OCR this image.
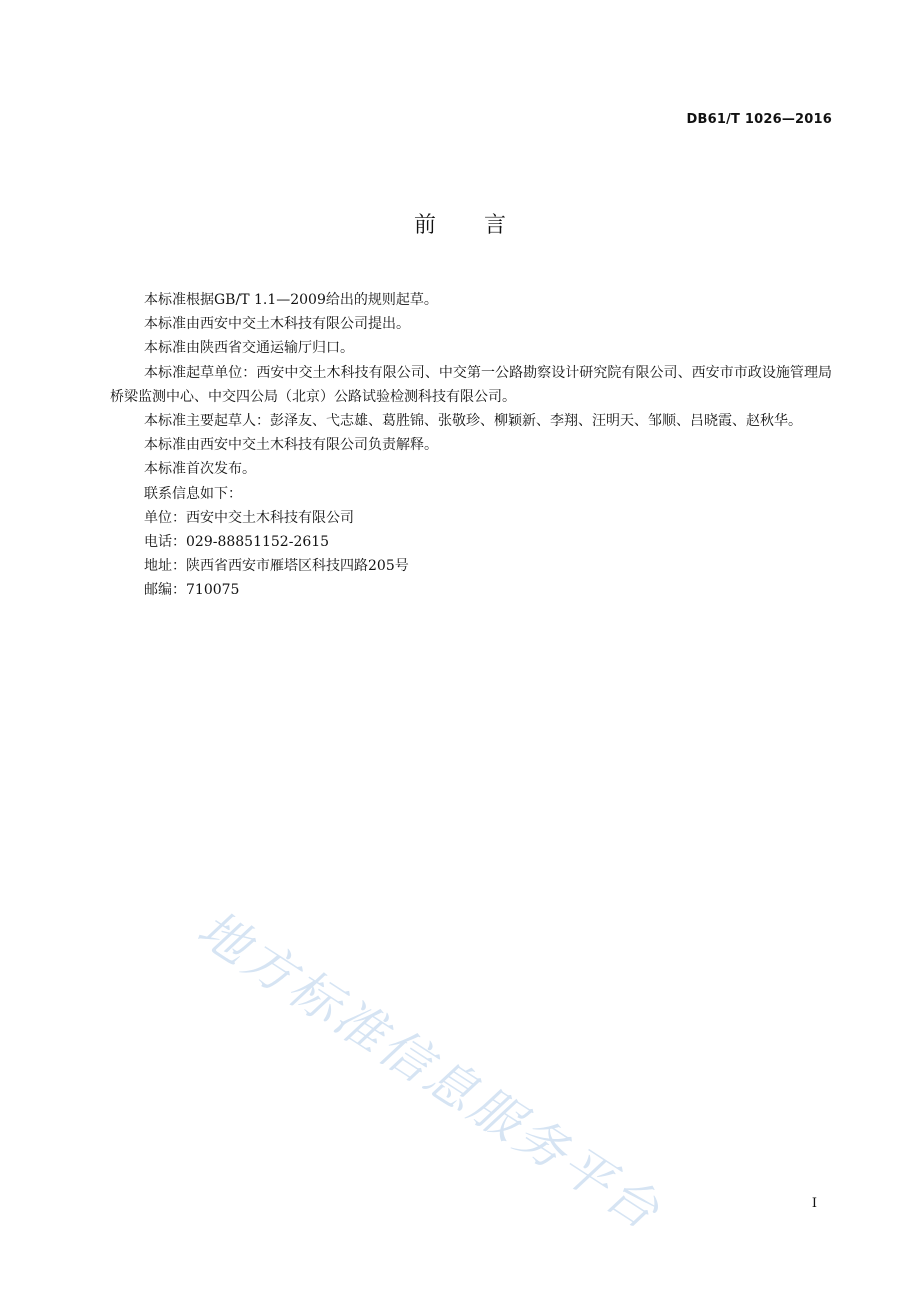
DB61/T 1026—2016
前言

本标准根据GB/T 1.1—2009给出的规则起草。

本标准由西安中交土木科技有限公司提出。

本标准由陕西省交通运输厅归口。

本标准起草单位：西安中交土木科技有限公司、中交第一公路勘察设计研究院有限公司、西安市市政设施管理局桥梁监测中心、中交四公局（北京）公路试验检测科技有限公司。

本标准主要起草人：彭泽友、弋志雄、葛胜锦、张敬珍、柳颖新、李翔、汪明天、邹顺、吕晓霞、赵秋华。

本标准由西安中交土木科技有限公司负责解释。

本标准首次发布。

联系信息如下：

单位：西安中交土木科技有限公司

电话：029-88851152-2615

地址：陕西省西安市雁塔区科技四路205号

邮编：710075

地方标准信息服务平台	I
